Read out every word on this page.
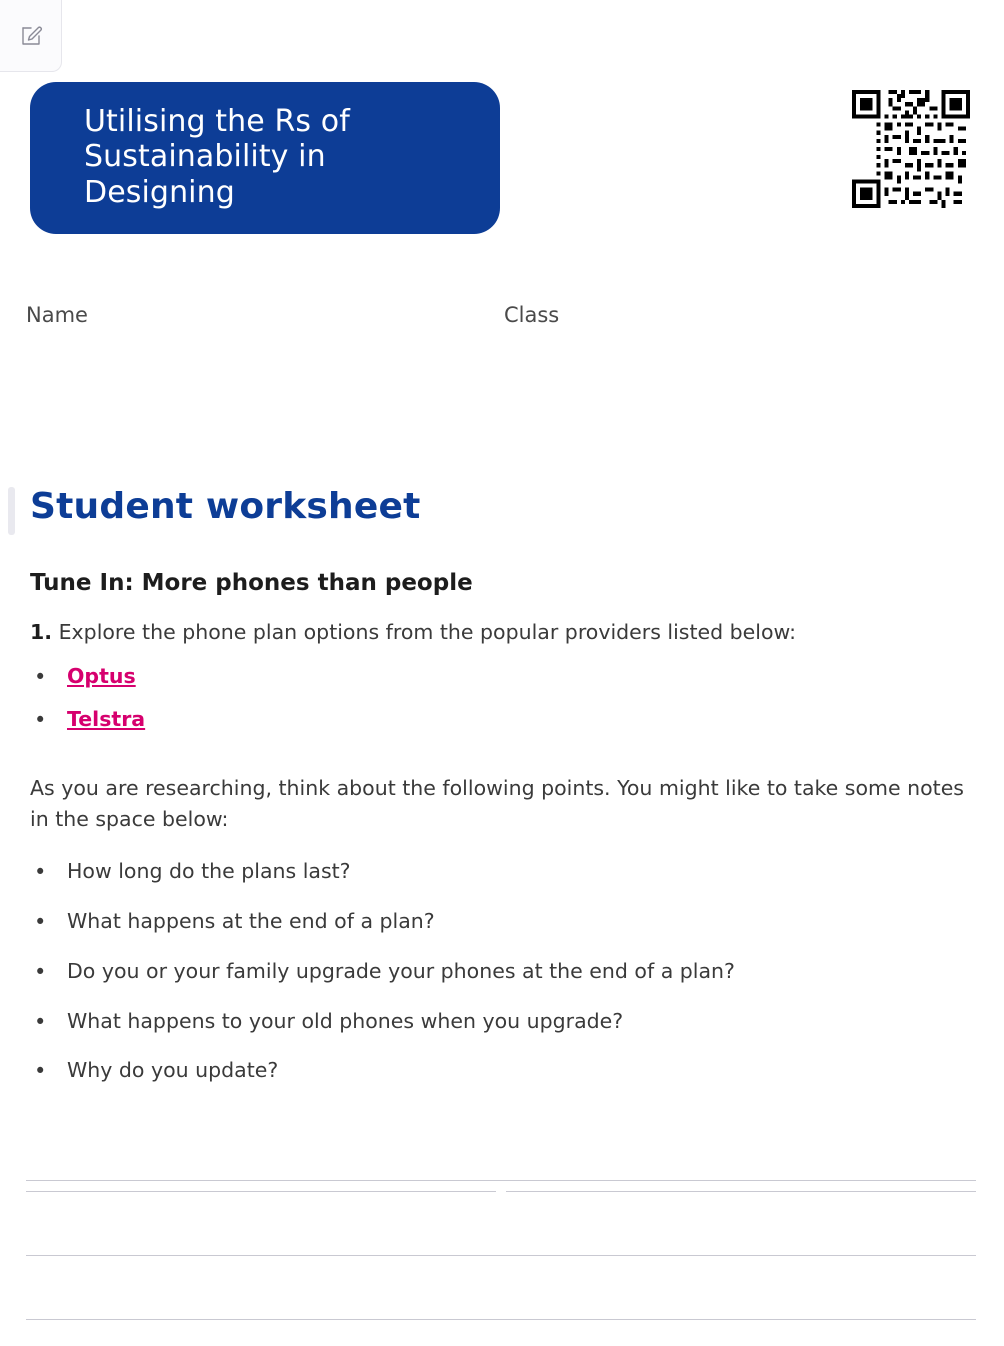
Utilising the Rs of Sustainability in Designing
Name	Class
Student worksheet
Tune In: More phones than people

1. Explore the phone plan options from the popular providers listed below:

• Optus
• Telstra

As you are researching, think about the following points. You might like to take some notes in the space below:

• How long do the plans last?
• What happens at the end of a plan?
• Do you or your family upgrade your phones at the end of a plan?
• What happens to your old phones when you upgrade?
• Why do you update?
